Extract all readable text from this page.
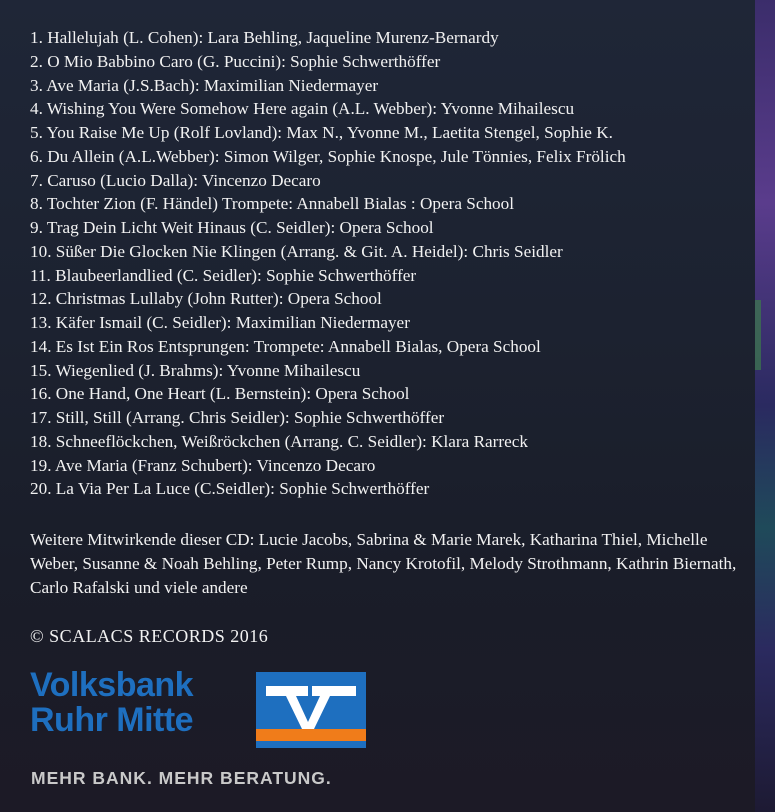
1. Hallelujah (L. Cohen): Lara Behling, Jaqueline Murenz-Bernardy
2. O Mio Babbino Caro (G. Puccini): Sophie Schwerthöffer
3. Ave Maria (J.S.Bach): Maximilian Niedermayer
4. Wishing You Were Somehow Here again (A.L. Webber): Yvonne Mihailescu
5. You Raise Me Up (Rolf Lovland): Max N., Yvonne M., Laetita Stengel, Sophie K.
6. Du Allein (A.L.Webber): Simon Wilger, Sophie Knospe, Jule Tönnies, Felix Frölich
7. Caruso (Lucio Dalla): Vincenzo Decaro
8. Tochter Zion (F. Händel) Trompete: Annabell Bialas : Opera School
9. Trag Dein Licht Weit Hinaus (C. Seidler): Opera School
10. Süßer Die Glocken Nie Klingen (Arrang. & Git. A. Heidel): Chris Seidler
11. Blaubeerlandlied (C. Seidler): Sophie Schwerthöffer
12. Christmas Lullaby (John Rutter): Opera School
13. Käfer Ismail (C. Seidler): Maximilian Niedermayer
14. Es Ist Ein Ros Entsprungen: Trompete: Annabell Bialas, Opera School
15. Wiegenlied (J. Brahms): Yvonne Mihailescu
16. One Hand, One Heart (L. Bernstein): Opera School
17. Still, Still (Arrang. Chris Seidler): Sophie Schwerthöffer
18. Schneeflöckchen, Weißröckchen (Arrang. C. Seidler): Klara Rarreck
19. Ave Maria (Franz Schubert): Vincenzo Decaro
20. La Via Per La Luce (C.Seidler): Sophie Schwerthöffer

Weitere Mitwirkende dieser CD: Lucie Jacobs, Sabrina & Marie Marek, Katharina Thiel, Michelle Weber, Susanne & Noah Behling, Peter Rump, Nancy Krotofil, Melody Strothmann, Kathrin Biernath, Carlo Rafalski und viele andere

© SCALACS RECORDS 2016
Volksbank
Ruhr Mitte
MEHR BANK. MEHR BERATUNG.
